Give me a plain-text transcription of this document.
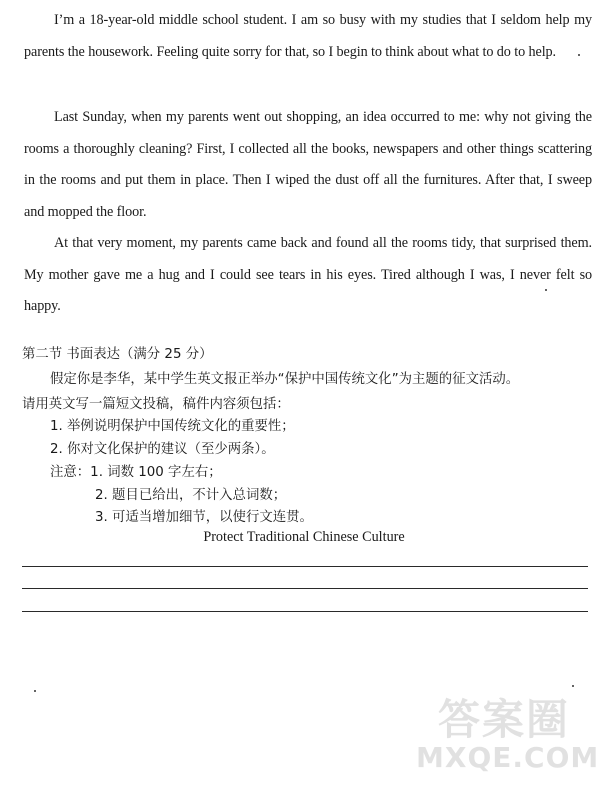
I’m a 18-year-old middle school student. I am so busy with my studies that I seldom help my parents the housework. Feeling quite sorry for that, so I begin to think about what to do to help.

Last Sunday, when my parents went out shopping, an idea occurred to me: why not giving the rooms a thoroughly cleaning? First, I collected all the books, newspapers and other things scattering in the rooms and put them in place. Then I wiped the dust off all the furnitures. After that, I sweep and mopped the floor.

At that very moment, my parents came back and found all the rooms tidy, that surprised them. My mother gave me a hug and I could see tears in his eyes. Tired although I was, I never felt so happy.

第二节 书面表达（满分 25 分）

假定你是李华，某中学生英文报正举办“保护中国传统文化”为主题的征文活动。

请用英文写一篇短文投稿，稿件内容须包括：

1. 举例说明保护中国传统文化的重要性；

2. 你对文化保护的建议（至少两条）。

注意：1. 词数 100 字左右；

2. 题目已给出，不计入总词数；

3. 可适当增加细节，以使行文连贯。

Protect Traditional Chinese Culture

答案圈
MXQE.COM
